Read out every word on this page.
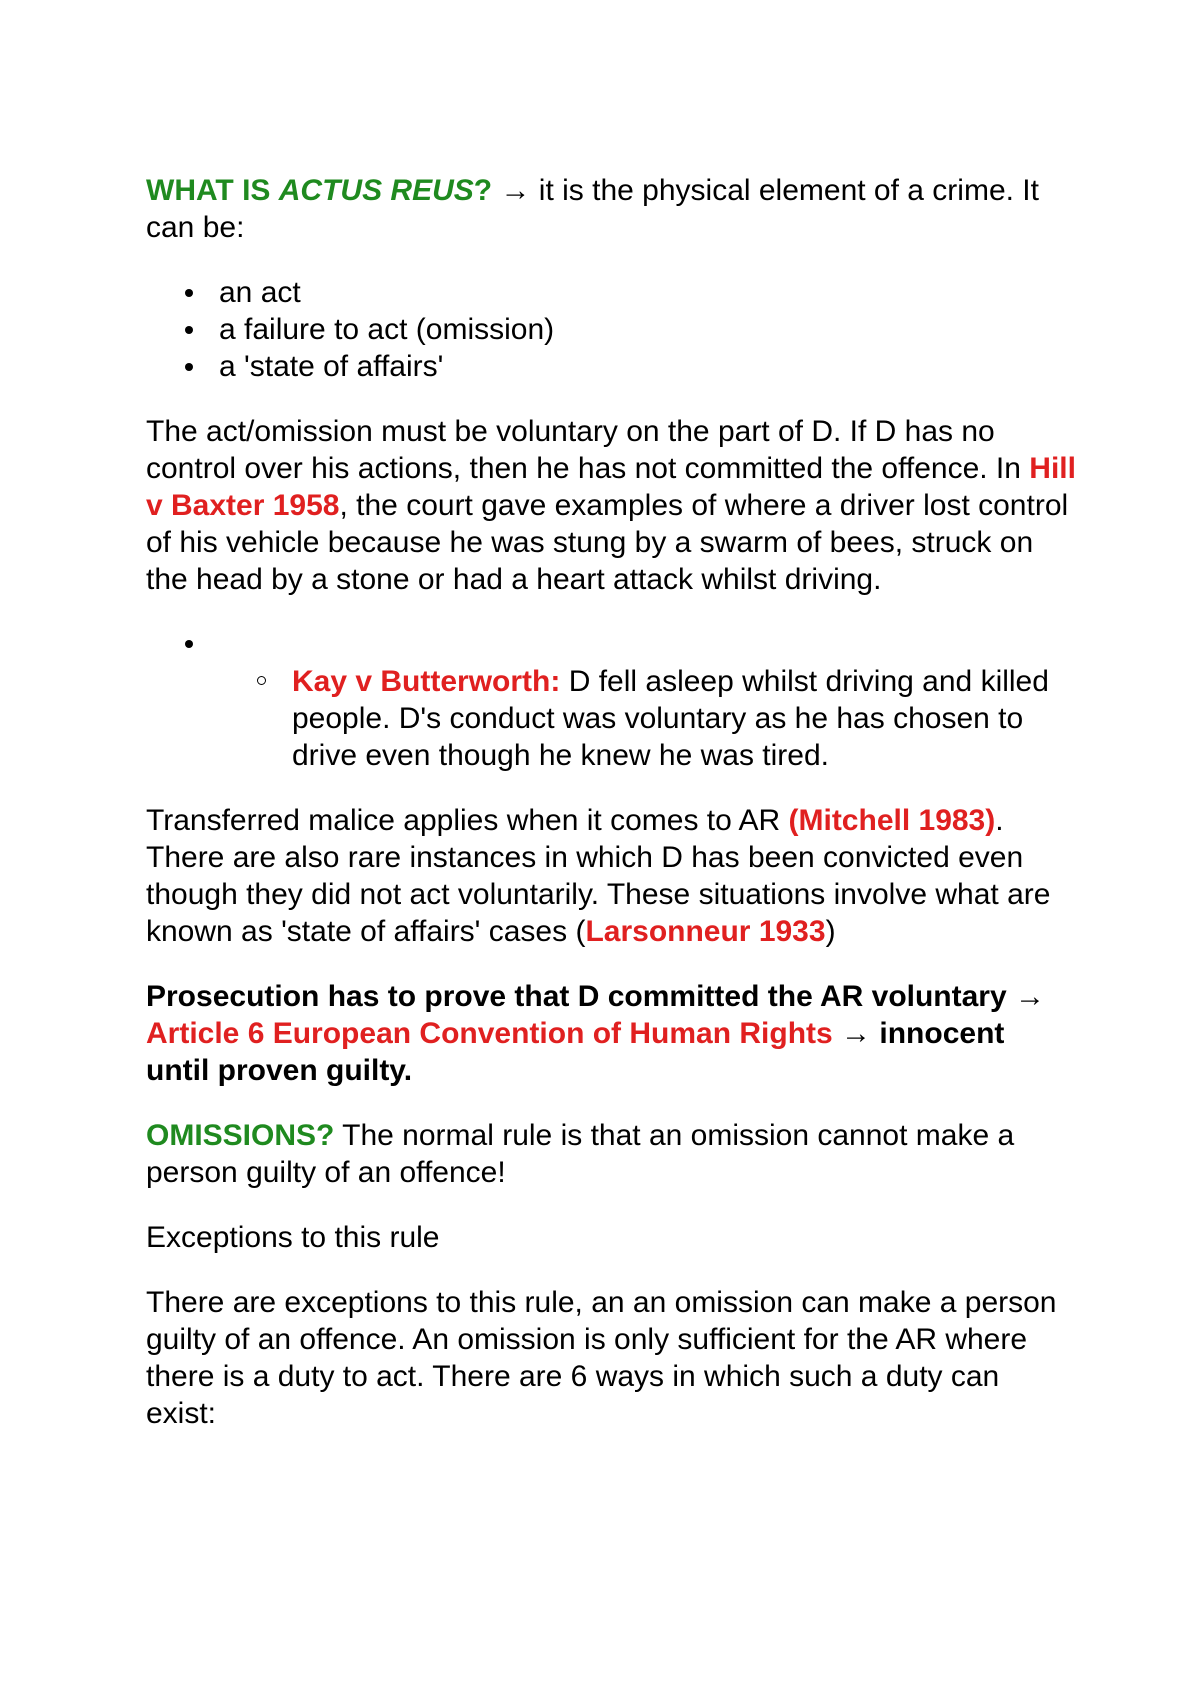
WHAT IS ACTUS REUS? → it is the physical element of a crime. It can be:

an act
a failure to act (omission)
a 'state of affairs'

The act/omission must be voluntary on the part of D. If D has no control over his actions, then he has not committed the offence. In Hill v Baxter 1958, the court gave examples of where a driver lost control of his vehicle because he was stung by a swarm of bees, struck on the head by a stone or had a heart attack whilst driving.

Kay v Butterworth: D fell asleep whilst driving and killed people. D's conduct was voluntary as he has chosen to drive even though he knew he was tired.

Transferred malice applies when it comes to AR (Mitchell 1983). There are also rare instances in which D has been convicted even though they did not act voluntarily. These situations involve what are known as 'state of affairs' cases (Larsonneur 1933)

Prosecution has to prove that D committed the AR voluntary → Article 6 European Convention of Human Rights → innocent until proven guilty.

OMISSIONS? The normal rule is that an omission cannot make a person guilty of an offence!

Exceptions to this rule

There are exceptions to this rule, an an omission can make a person guilty of an offence. An omission is only sufficient for the AR where there is a duty to act. There are 6 ways in which such a duty can exist:
